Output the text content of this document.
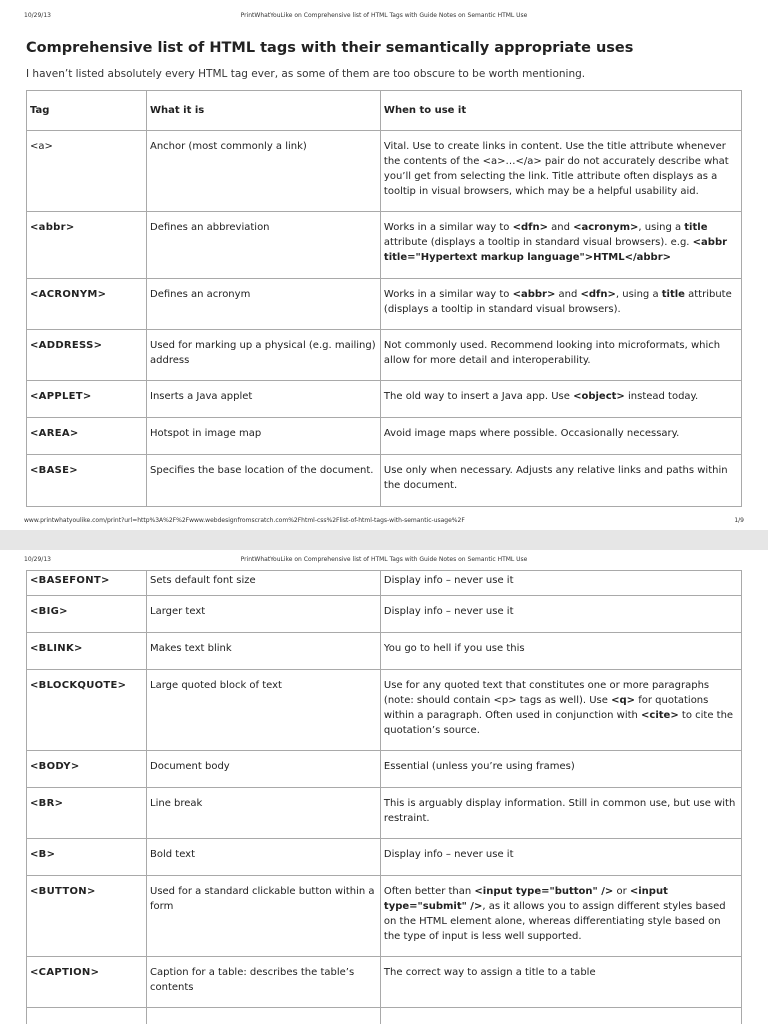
10/29/13	PrintWhatYouLike on Comprehensive list of HTML Tags with Guide Notes on Semantic HTML Use
Comprehensive list of HTML tags with their semantically appropriate uses

I haven’t listed absolutely every HTML tag ever, as some of them are too obscure to be worth mentioning.

Tag	What it is	When to use it
<a>	Anchor (most commonly a link)	Vital. Use to create links in content. Use the title attribute whenever the contents of the <a>…</a> pair do not accurately describe what you’ll get from selecting the link. Title attribute often displays as a tooltip in visual browsers, which may be a helpful usability aid.
<abbr>	Defines an abbreviation	Works in a similar way to <dfn> and <acronym>, using a title attribute (displays a tooltip in standard visual browsers). e.g. <abbr title="Hypertext markup language">HTML</abbr>
<ACRONYM>	Defines an acronym	Works in a similar way to <abbr> and <dfn>, using a title attribute (displays a tooltip in standard visual browsers).
<ADDRESS>	Used for marking up a physical (e.g. mailing) address	Not commonly used. Recommend looking into microformats, which allow for more detail and interoperability.
<APPLET>	Inserts a Java applet	The old way to insert a Java app. Use <object> instead today.
<AREA>	Hotspot in image map	Avoid image maps where possible. Occasionally necessary.
<BASE>	Specifies the base location of the document.	Use only when necessary. Adjusts any relative links and paths within the document.
www.printwhatyoulike.com/print?url=http%3A%2F%2Fwww.webdesignfromscratch.com%2Fhtml-css%2Flist-of-html-tags-with-semantic-usage%2F	1/9
10/29/13	PrintWhatYouLike on Comprehensive list of HTML Tags with Guide Notes on Semantic HTML Use
<BASEFONT>	Sets default font size	Display info – never use it
<BIG>	Larger text	Display info – never use it
<BLINK>	Makes text blink	You go to hell if you use this
<BLOCKQUOTE>	Large quoted block of text	Use for any quoted text that constitutes one or more paragraphs (note: should contain <p> tags as well). Use <q> for quotations within a paragraph. Often used in conjunction with <cite> to cite the quotation’s source.
<BODY>	Document body	Essential (unless you’re using frames)
<BR>	Line break	This is arguably display information. Still in common use, but use with restraint.
<B>	Bold text	Display info – never use it
<BUTTON>	Used for a standard clickable button within a form	Often better than <input type="button" /> or <input type="submit" />, as it allows you to assign different styles based on the HTML element alone, whereas differentiating style based on the type of input is less well supported.
<CAPTION>	Caption for a table: describes the table’s contents	The correct way to assign a title to a table
